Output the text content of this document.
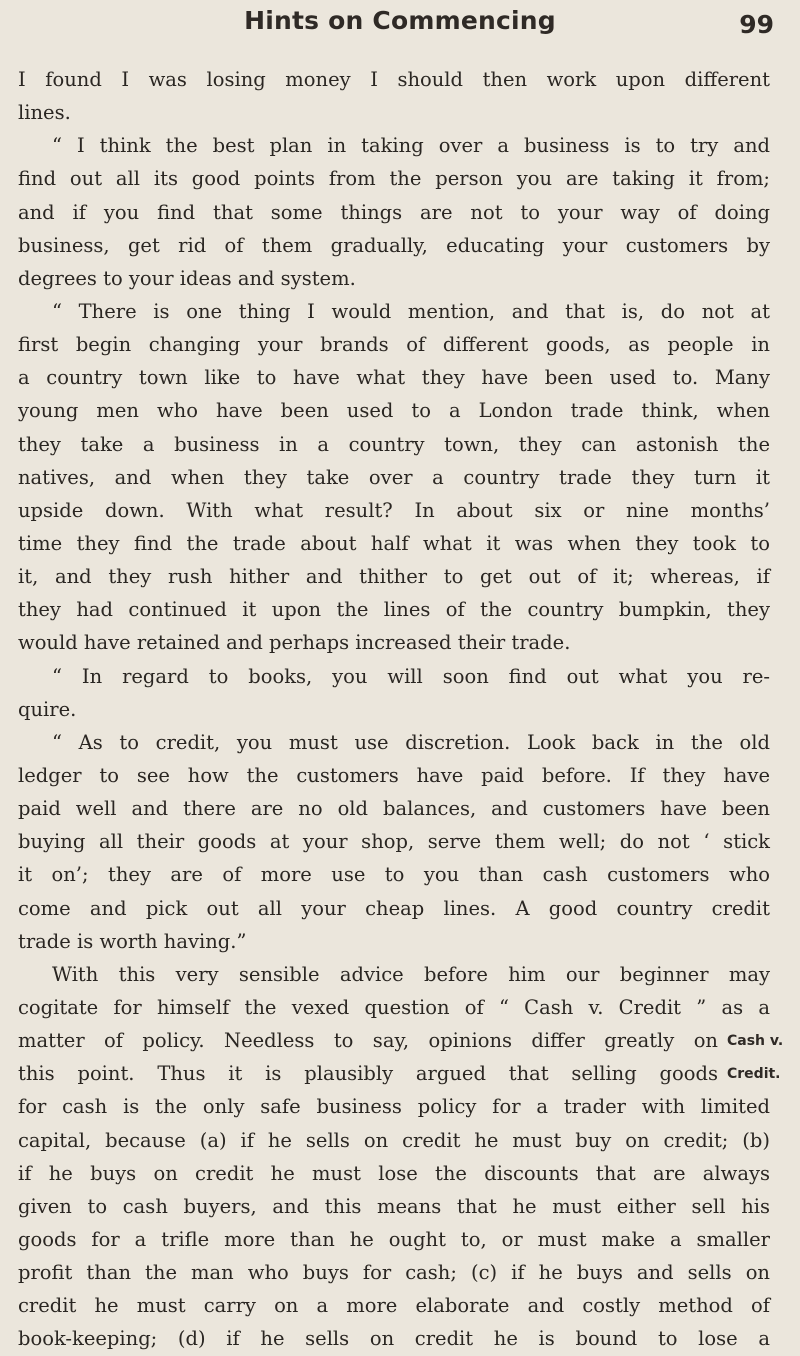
Hints on Commencing	99
I found I was losing money I should then work upon different
lines.
“ I think the best plan in taking over a business is to try and
find out all its good points from the person you are taking it from;
and if you find that some things are not to your way of doing
business, get rid of them gradually, educating your customers by
degrees to your ideas and system.
“ There is one thing I would mention, and that is, do not at
first begin changing your brands of different goods, as people in
a country town like to have what they have been used to. Many
young men who have been used to a London trade think, when
they take a business in a country town, they can astonish the
natives, and when they take over a country trade they turn it
upside down. With what result? In about six or nine months’
time they find the trade about half what it was when they took to
it, and they rush hither and thither to get out of it; whereas, if
they had continued it upon the lines of the country bumpkin, they
would have retained and perhaps increased their trade.
“ In regard to books, you will soon find out what you re-
quire.
“ As to credit, you must use discretion. Look back in the old
ledger to see how the customers have paid before. If they have
paid well and there are no old balances, and customers have been
buying all their goods at your shop, serve them well; do not ‘ stick
it on’; they are of more use to you than cash customers who
come and pick out all your cheap lines. A good country credit
trade is worth having.”
With this very sensible advice before him our beginner may
cogitate for himself the vexed question of “ Cash v. Credit ” as a
matter of policy. Needless to say, opinions differ greatly on
this point. Thus it is plausibly argued that selling goods
for cash is the only safe business policy for a trader with limited
capital, because (a) if he sells on credit he must buy on credit; (b)
if he buys on credit he must lose the discounts that are always
given to cash buyers, and this means that he must either sell his
goods for a trifle more than he ought to, or must make a smaller
profit than the man who buys for cash; (c) if he buys and sells on
credit he must carry on a more elaborate and costly method of
book-keeping; (d) if he sells on credit he is bound to lose a
Cash v.
Credit.
